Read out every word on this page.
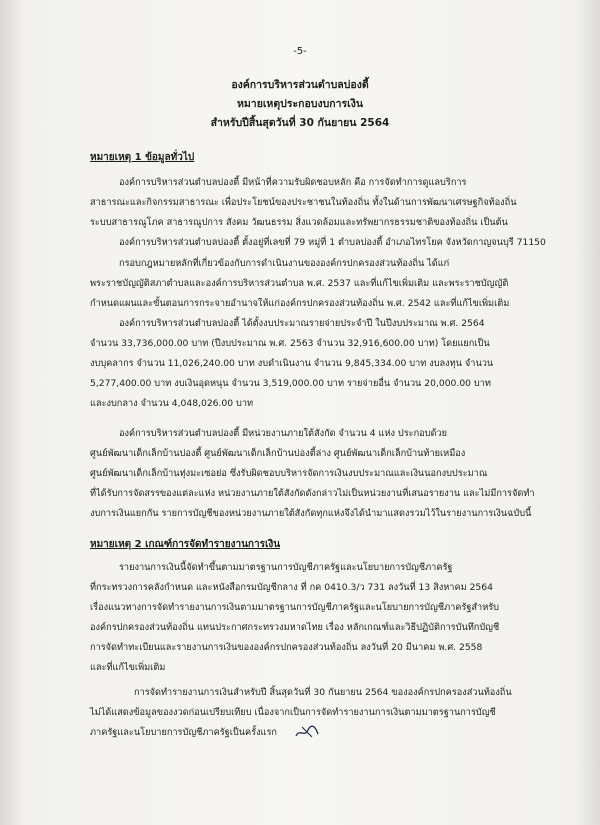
-5-
องค์การบริหารส่วนตำบลบ่องตี้
หมายเหตุประกอบงบการเงิน
สำหรับปีสิ้นสุดวันที่ 30 กันยายน 2564
หมายเหตุ 1 ข้อมูลทั่วไป
องค์การบริหารส่วนตำบลบ่องตี้ มีหน้าที่ความรับผิดชอบหลัก คือ การจัดทำการดูแลบริการ
สาธารณะและกิจกรรมสาธารณะ เพื่อประโยชน์ของประชาชนในท้องถิ่น ทั้งในด้านการพัฒนาเศรษฐกิจท้องถิ่น
ระบบสาธารณูโภค สาธารณูปการ สังคม วัฒนธรรม สิ่งแวดล้อมและทรัพยากรธรรมชาติของท้องถิ่น เป็นต้น
องค์การบริหารส่วนตำบลบ่องตี้ ตั้งอยู่ที่เลขที่ 79 หมู่ที่ 1 ตำบลบ่องตี้ อำเภอไทรโยค จังหวัดกาญจนบุรี 71150
กรอบกฎหมายหลักที่เกี่ยวข้องกับการดำเนินงานขององค์กรปกครองส่วนท้องถิ่น ได้แก่
พระราชบัญญัติสภาตำบลและองค์การบริหารส่วนตำบล พ.ศ. 2537 และที่แก้ไขเพิ่มเติม และพระราชบัญญัติ
กำหนดแผนและขั้นตอนการกระจายอำนาจให้แก่องค์กรปกครองส่วนท้องถิ่น พ.ศ. 2542 และที่แก้ไขเพิ่มเติม
องค์การบริหารส่วนตำบลบ่องตี้ ได้ตั้งงบประมาณรายจ่ายประจำปี ในปีงบประมาณ พ.ศ. 2564
จำนวน 33,736,000.00 บาท (ปีงบประมาณ พ.ศ. 2563 จำนวน 32,916,600.00 บาท) โดยแยกเป็น
งบบุคลากร จำนวน 11,026,240.00 บาท งบดำเนินงาน จำนวน 9,845,334.00 บาท งบลงทุน จำนวน
5,277,400.00 บาท งบเงินอุดหนุน จำนวน 3,519,000.00 บาท รายจ่ายอื่น จำนวน 20,000.00 บาท
และงบกลาง จำนวน 4,048,026.00 บาท
องค์การบริหารส่วนตำบลบ่องตี้ มีหน่วยงานภายใต้สังกัด จำนวน 4 แห่ง ประกอบด้วย
ศูนย์พัฒนาเด็กเล็กบ้านบ่องตี้ ศูนย์พัฒนาเด็กเล็กบ้านบ่องตี้ล่าง ศูนย์พัฒนาเด็กเล็กบ้านท้ายเหมือง
ศูนย์พัฒนาเด็กเล็กบ้านทุ่งมะเซอย่อ ซึ่งรับผิดชอบบริหารจัดการเงินงบประมาณและเงินนอกงบประมาณ
ที่ได้รับการจัดสรรของแต่ละแห่ง หน่วยงานภายใต้สังกัดดังกล่าวไม่เป็นหน่วยงานที่เสนอรายงาน และไม่มีการจัดทำ
งบการเงินแยกกัน รายการบัญชีของหน่วยงานภายใต้สังกัดทุกแห่งจึงได้นำมาแสดงรวมไว้ในรายงานการเงินฉบับนี้
หมายเหตุ 2 เกณฑ์การจัดทำรายงานการเงิน
รายงานการเงินนี้จัดทำขึ้นตามมาตรฐานการบัญชีภาครัฐและนโยบายการบัญชีภาครัฐ
ที่กระทรวงการคลังกำหนด และหนังสือกรมบัญชีกลาง ที่ กค 0410.3/ว 731 ลงวันที่ 13 สิงหาคม 2564
เรื่องแนวทางการจัดทำรายงานการเงินตามมาตรฐานการบัญชีภาครัฐและนโยบายการบัญชีภาครัฐสำหรับ
องค์กรปกครองส่วนท้องถิ่น แทนประกาศกระทรวงมหาดไทย เรื่อง หลักเกณฑ์และวิธีปฏิบัติการบันทึกบัญชี
การจัดทำทะเบียนและรายงานการเงินขององค์กรปกครองส่วนท้องถิ่น ลงวันที่ 20 มีนาคม พ.ศ. 2558
และที่แก้ไขเพิ่มเติม
การจัดทำรายงานการเงินสำหรับปี สิ้นสุดวันที่ 30 กันยายน 2564 ขององค์กรปกครองส่วนท้องถิ่น
ไม่ได้แสดงข้อมูลของงวดก่อนเปรียบเทียบ เนื่องจากเป็นการจัดทำรายงานการเงินตามมาตรฐานการบัญชี
ภาครัฐและนโยบายการบัญชีภาครัฐเป็นครั้งแรก
